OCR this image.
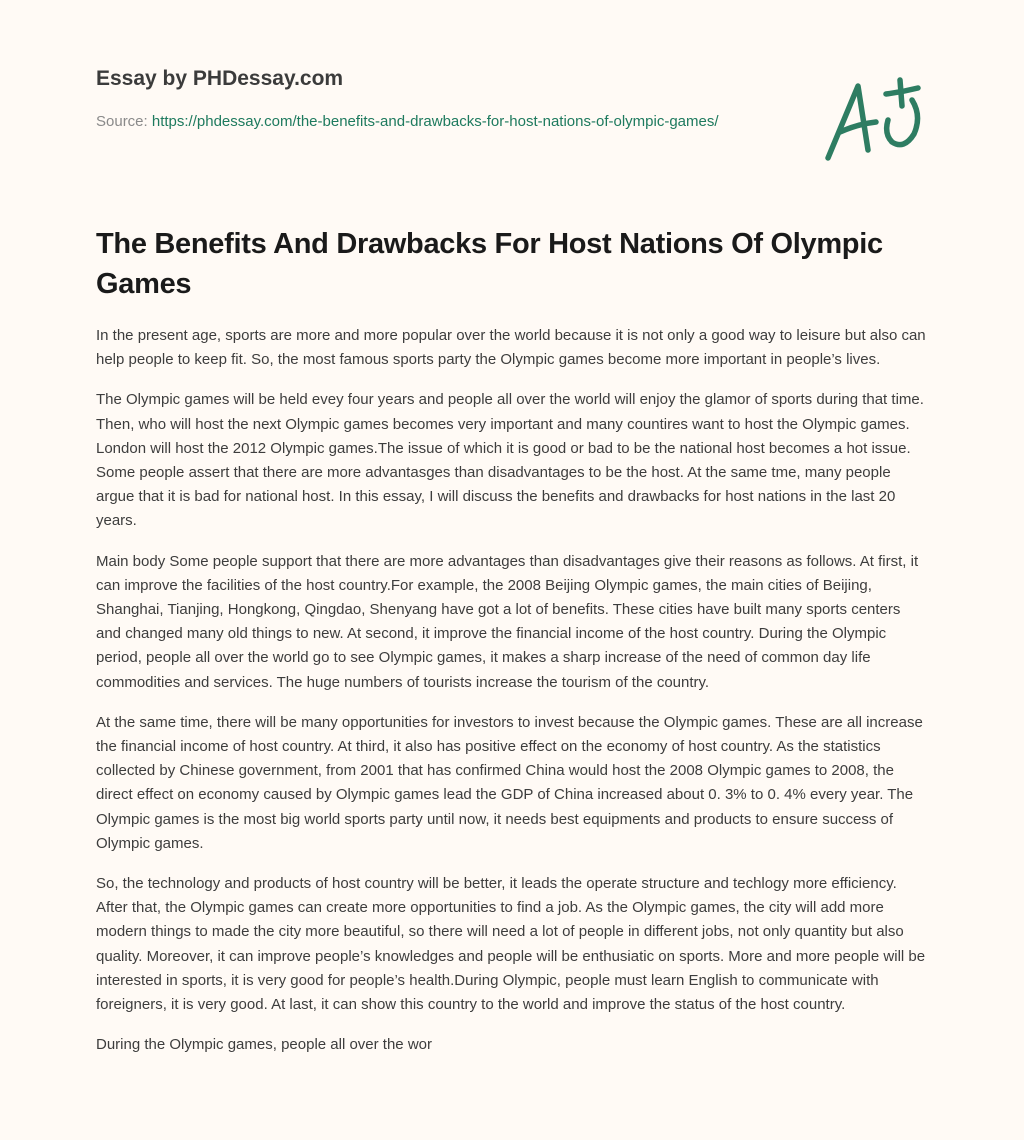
Essay by PHDessay.com
Source: https://phdessay.com/the-benefits-and-drawbacks-for-host-nations-of-olympic-games/
The Benefits And Drawbacks For Host Nations Of Olympic Games

In the present age, sports are more and more popular over the world because it is not only a good way to leisure but also can help people to keep fit. So, the most famous sports party the Olympic games become more important in people’s lives.

The Olympic games will be held evey four years and people all over the world will enjoy the glamor of sports during that time. Then, who will host the next Olympic games becomes very important and many countires want to host the Olympic games. London will host the 2012 Olympic games.The issue of which it is good or bad to be the national host becomes a hot issue. Some people assert that there are more advantasges than disadvantages to be the host. At the same tme, many people argue that it is bad for national host. In this essay, I will discuss the benefits and drawbacks for host nations in the last 20 years.

Main body Some people support that there are more advantages than disadvantages give their reasons as follows. At first, it can improve the facilities of the host country.For example, the 2008 Beijing Olympic games, the main cities of Beijing, Shanghai, Tianjing, Hongkong, Qingdao, Shenyang have got a lot of benefits. These cities have built many sports centers and changed many old things to new. At second, it improve the financial income of the host country. During the Olympic period, people all over the world go to see Olympic games, it makes a sharp increase of the need of common day life commodities and services. The huge numbers of tourists increase the tourism of the country.

At the same time, there will be many opportunities for investors to invest because the Olympic games. These are all increase the financial income of host country. At third, it also has positive effect on the economy of host country. As the statistics collected by Chinese government, from 2001 that has confirmed China would host the 2008 Olympic games to 2008, the direct effect on economy caused by Olympic games lead the GDP of China increased about 0. 3% to 0. 4% every year. The Olympic games is the most big world sports party until now, it needs best equipments and products to ensure success of Olympic games.

So, the technology and products of host country will be better, it leads the operate structure and techlogy more efficiency. After that, the Olympic games can create more opportunities to find a job. As the Olympic games, the city will add more modern things to made the city more beautiful, so there will need a lot of people in different jobs, not only quantity but also quality. Moreover, it can improve people’s knowledges and people will be enthusiatic on sports. More and more people will be interested in sports, it is very good for people’s health.During Olympic, people must learn English to communicate with foreigners, it is very good. At last, it can show this country to the world and improve the status of the host country.

During the Olympic games, people all over the wor
